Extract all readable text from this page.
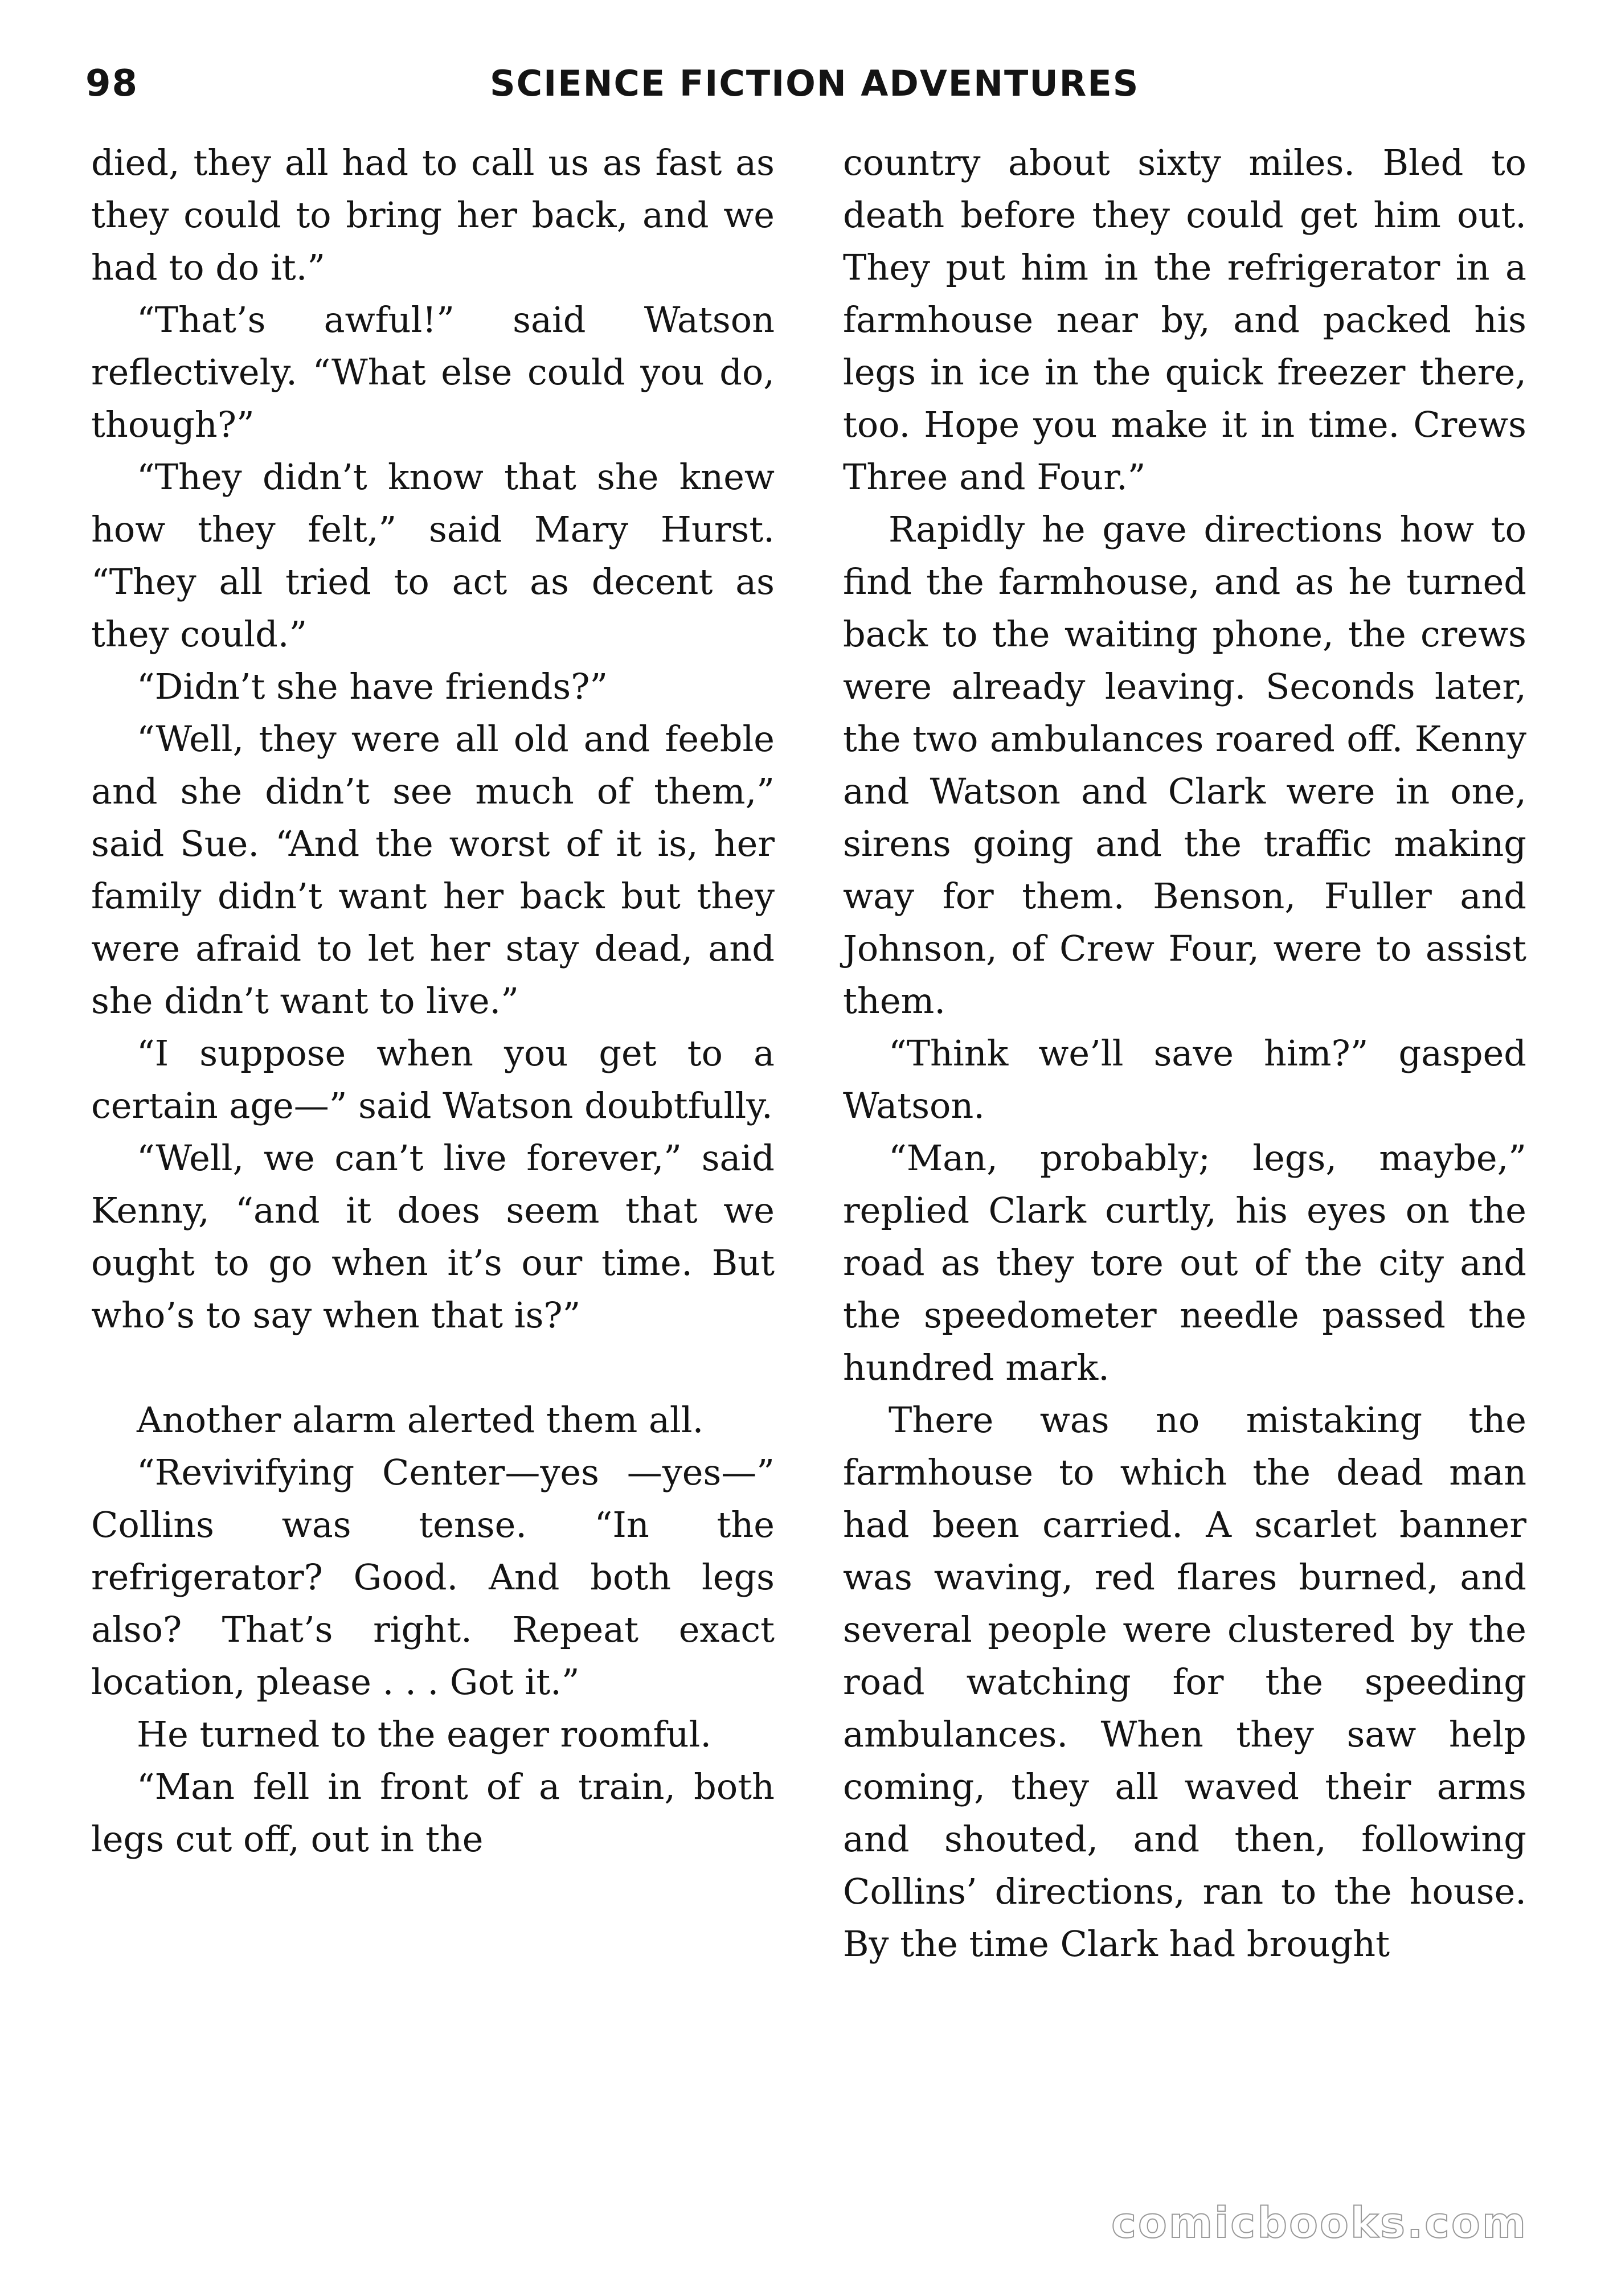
98	SCIENCE FICTION ADVENTURES

died, they all had to call us as fast as they could to bring her back, and we had to do it.”

“That’s awful!” said Watson reflectively. “What else could you do, though?”

“They didn’t know that she knew how they felt,” said Mary Hurst. “They all tried to act as decent as they could.”

“Didn’t she have friends?”

“Well, they were all old and feeble and she didn’t see much of them,” said Sue. “And the worst of it is, her family didn’t want her back but they were afraid to let her stay dead, and she didn’t want to live.”

“I suppose when you get to a certain age—” said Watson doubtfully.

“Well, we can’t live forever,” said Kenny, “and it does seem that we ought to go when it’s our time. But who’s to say when that is?”

Another alarm alerted them all.

“Revivifying Center—yes —yes—” Collins was tense. “In the refrigerator? Good. And both legs also? That’s right. Repeat exact location, please . . . Got it.”

He turned to the eager roomful.

“Man fell in front of a train, both legs cut off, out in the

country about sixty miles. Bled to death before they could get him out. They put him in the refrigerator in a farmhouse near by, and packed his legs in ice in the quick freezer there, too. Hope you make it in time. Crews Three and Four.”

Rapidly he gave directions how to find the farmhouse, and as he turned back to the waiting phone, the crews were already leaving. Seconds later, the two ambulances roared off. Kenny and Watson and Clark were in one, sirens going and the traffic making way for them. Benson, Fuller and Johnson, of Crew Four, were to assist them.

“Think we’ll save him?” gasped Watson.

“Man, probably; legs, maybe,” replied Clark curtly, his eyes on the road as they tore out of the city and the speedometer needle passed the hundred mark.

There was no mistaking the farmhouse to which the dead man had been carried. A scarlet banner was waving, red flares burned, and several people were clustered by the road watching for the speeding ambulances. When they saw help coming, they all waved their arms and shouted, and then, following Collins’ directions, ran to the house. By the time Clark had brought

comicbooks.com
